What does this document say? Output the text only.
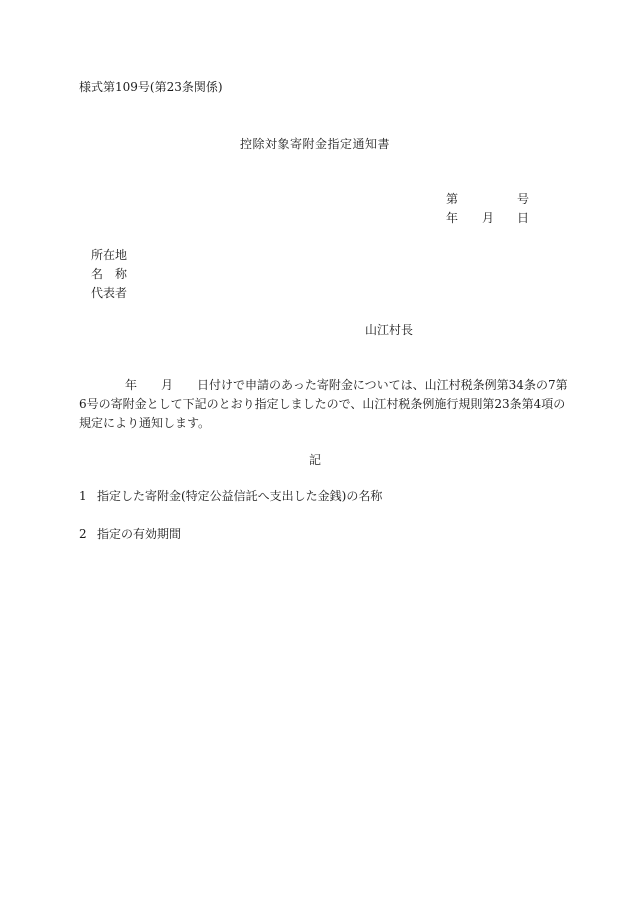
様式第109号(第23条関係)
控除対象寄附金指定通知書
第	号
年 月 日
所在地
名　称
代表者
山江村長
年 月 日付けで申請のあった寄附金については、山江村税条例第34条の7第
6号の寄附金として下記のとおり指定しましたので、山江村税条例施行規則第23条第4項の
規定により通知します。
記
1 指定した寄附金(特定公益信託へ支出した金銭)の名称
2 指定の有効期間
